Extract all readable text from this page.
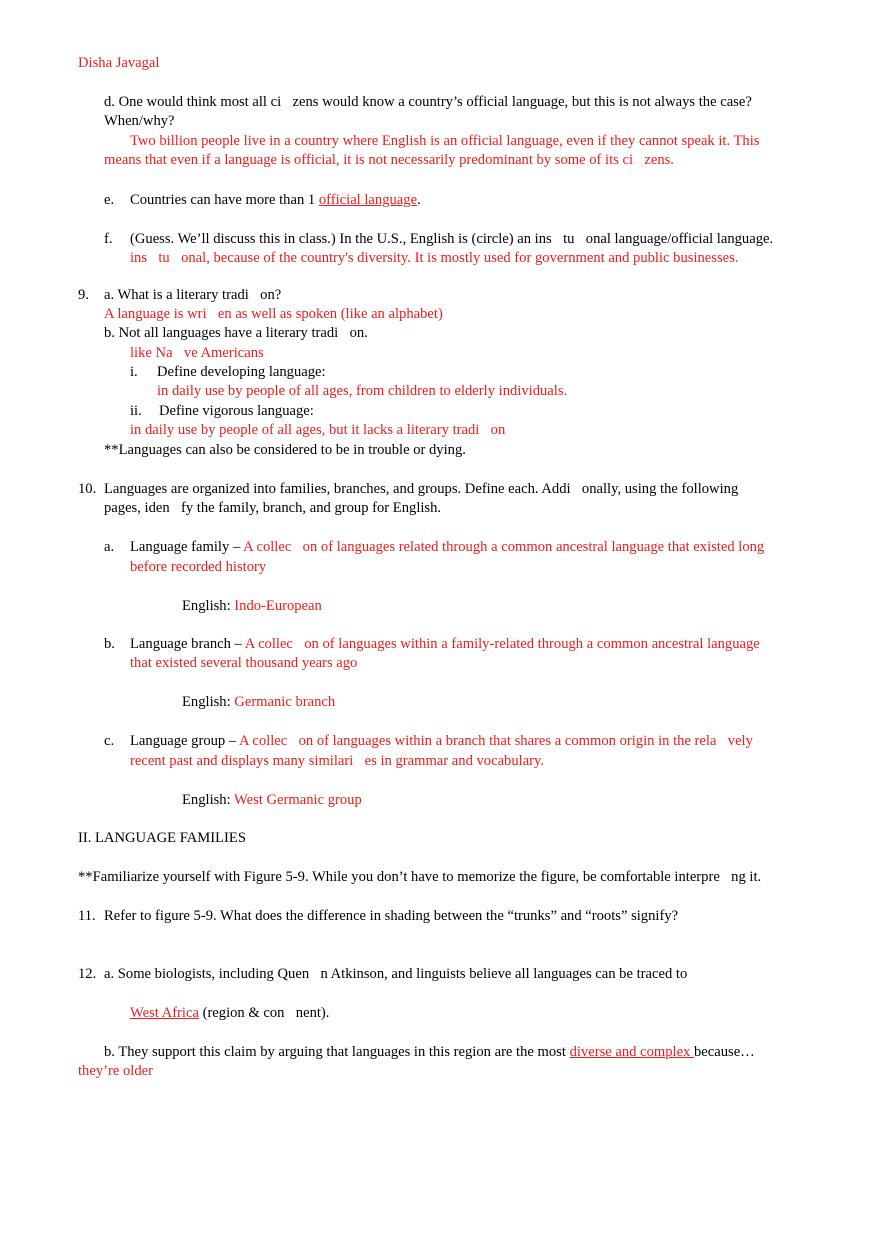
Disha Javagal
d. One would think most all ci zens would know a country’s official language, but this is not always the case?
When/why?
Two billion people live in a country where English is an official language, even if they cannot speak it. This
means that even if a language is official, it is not necessarily predominant by some of its ci zens.
e. Countries can have more than 1 official language.
f. (Guess. We’ll discuss this in class.) In the U.S., English is (circle) an ins tu onal language/official language.
ins tu onal, because of the country's diversity. It is mostly used for government and public businesses.
9. a. What is a literary tradi on?
A language is wri en as well as spoken (like an alphabet)
b. Not all languages have a literary tradi on.
like Na ve Americans
i. Define developing language:
in daily use by people of all ages, from children to elderly individuals.
ii. Define vigorous language:
in daily use by people of all ages, but it lacks a literary tradi on
**Languages can also be considered to be in trouble or dying.
10. Languages are organized into families, branches, and groups. Define each. Addi onally, using the following
pages, iden fy the family, branch, and group for English.
a. Language family – A collec on of languages related through a common ancestral language that existed long
before recorded history
English: Indo-European
b. Language branch – A collec on of languages within a family-related through a common ancestral language
that existed several thousand years ago
English: Germanic branch
c. Language group – A collec on of languages within a branch that shares a common origin in the rela vely
recent past and displays many similari es in grammar and vocabulary.
English: West Germanic group
II. LANGUAGE FAMILIES
**Familiarize yourself with Figure 5-9. While you don’t have to memorize the figure, be comfortable interpre ng it.
11. Refer to figure 5-9. What does the difference in shading between the “trunks” and “roots” signify?
12. a. Some biologists, including Quen n Atkinson, and linguists believe all languages can be traced to
West Africa (region & con nent).
b. They support this claim by arguing that languages in this region are the most diverse and complex because…
they’re older
